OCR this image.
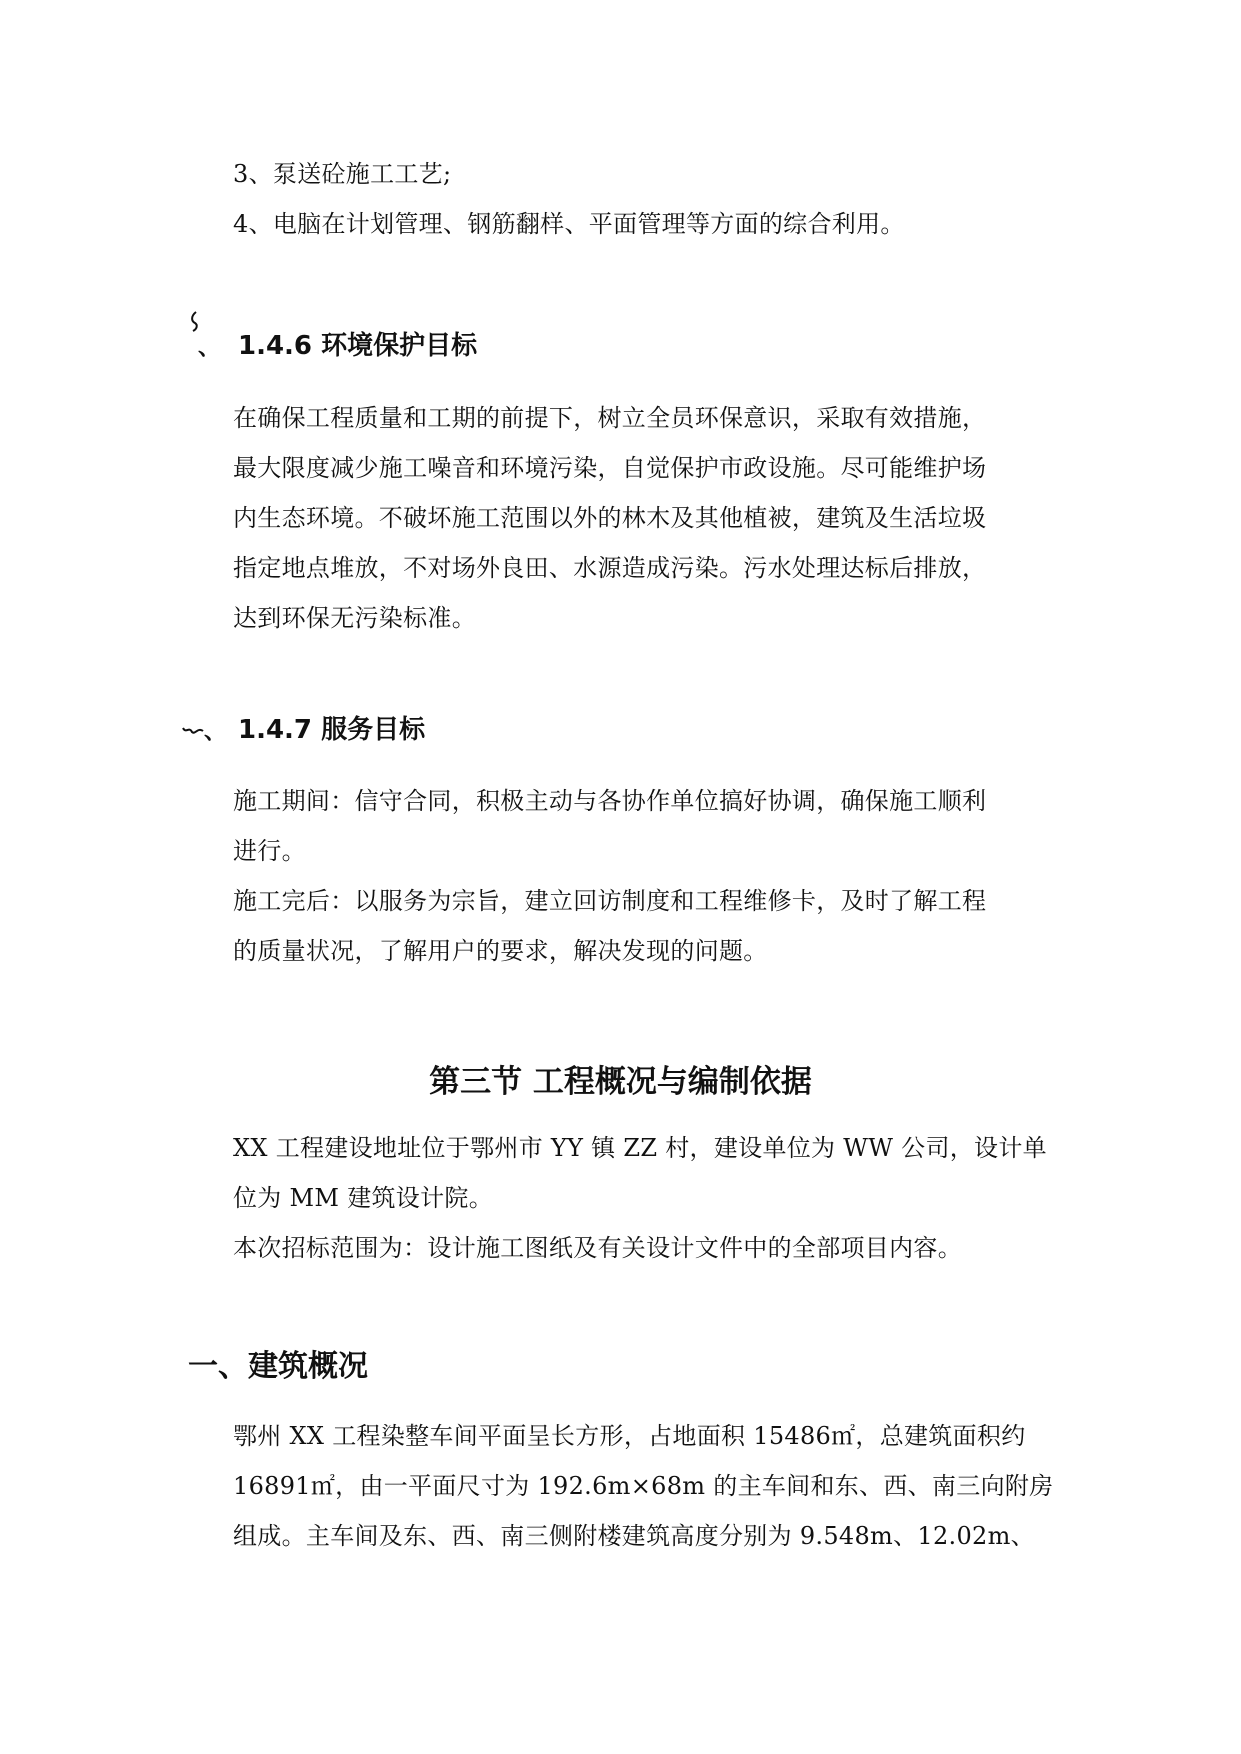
3、泵送砼施工工艺;

4、电脑在计划管理、钢筋翻样、平面管理等方面的综合利用。

、 1.4.6 环境保护目标

在确保工程质量和工期的前提下，树立全员环保意识，采取有效措施，

最大限度减少施工噪音和环境污染，自觉保护市政设施。尽可能维护场

内生态环境。不破坏施工范围以外的林木及其他植被，建筑及生活垃圾

指定地点堆放，不对场外良田、水源造成污染。污水处理达标后排放，

达到环保无污染标准。

、 1.4.7 服务目标

施工期间：信守合同，积极主动与各协作单位搞好协调，确保施工顺利

进行。

施工完后：以服务为宗旨，建立回访制度和工程维修卡，及时了解工程

的质量状况，了解用户的要求，解决发现的问题。

第三节 工程概况与编制依据

XX 工程建设地址位于鄂州市 YY 镇 ZZ 村，建设单位为 WW 公司，设计单

位为 MM 建筑设计院。

本次招标范围为：设计施工图纸及有关设计文件中的全部项目内容。

一、建筑概况

鄂州 XX 工程染整车间平面呈长方形，占地面积 15486㎡，总建筑面积约

16891㎡，由一平面尺寸为 192.6m×68m 的主车间和东、西、南三向附房

组成。主车间及东、西、南三侧附楼建筑高度分别为 9.548m、12.02m、
